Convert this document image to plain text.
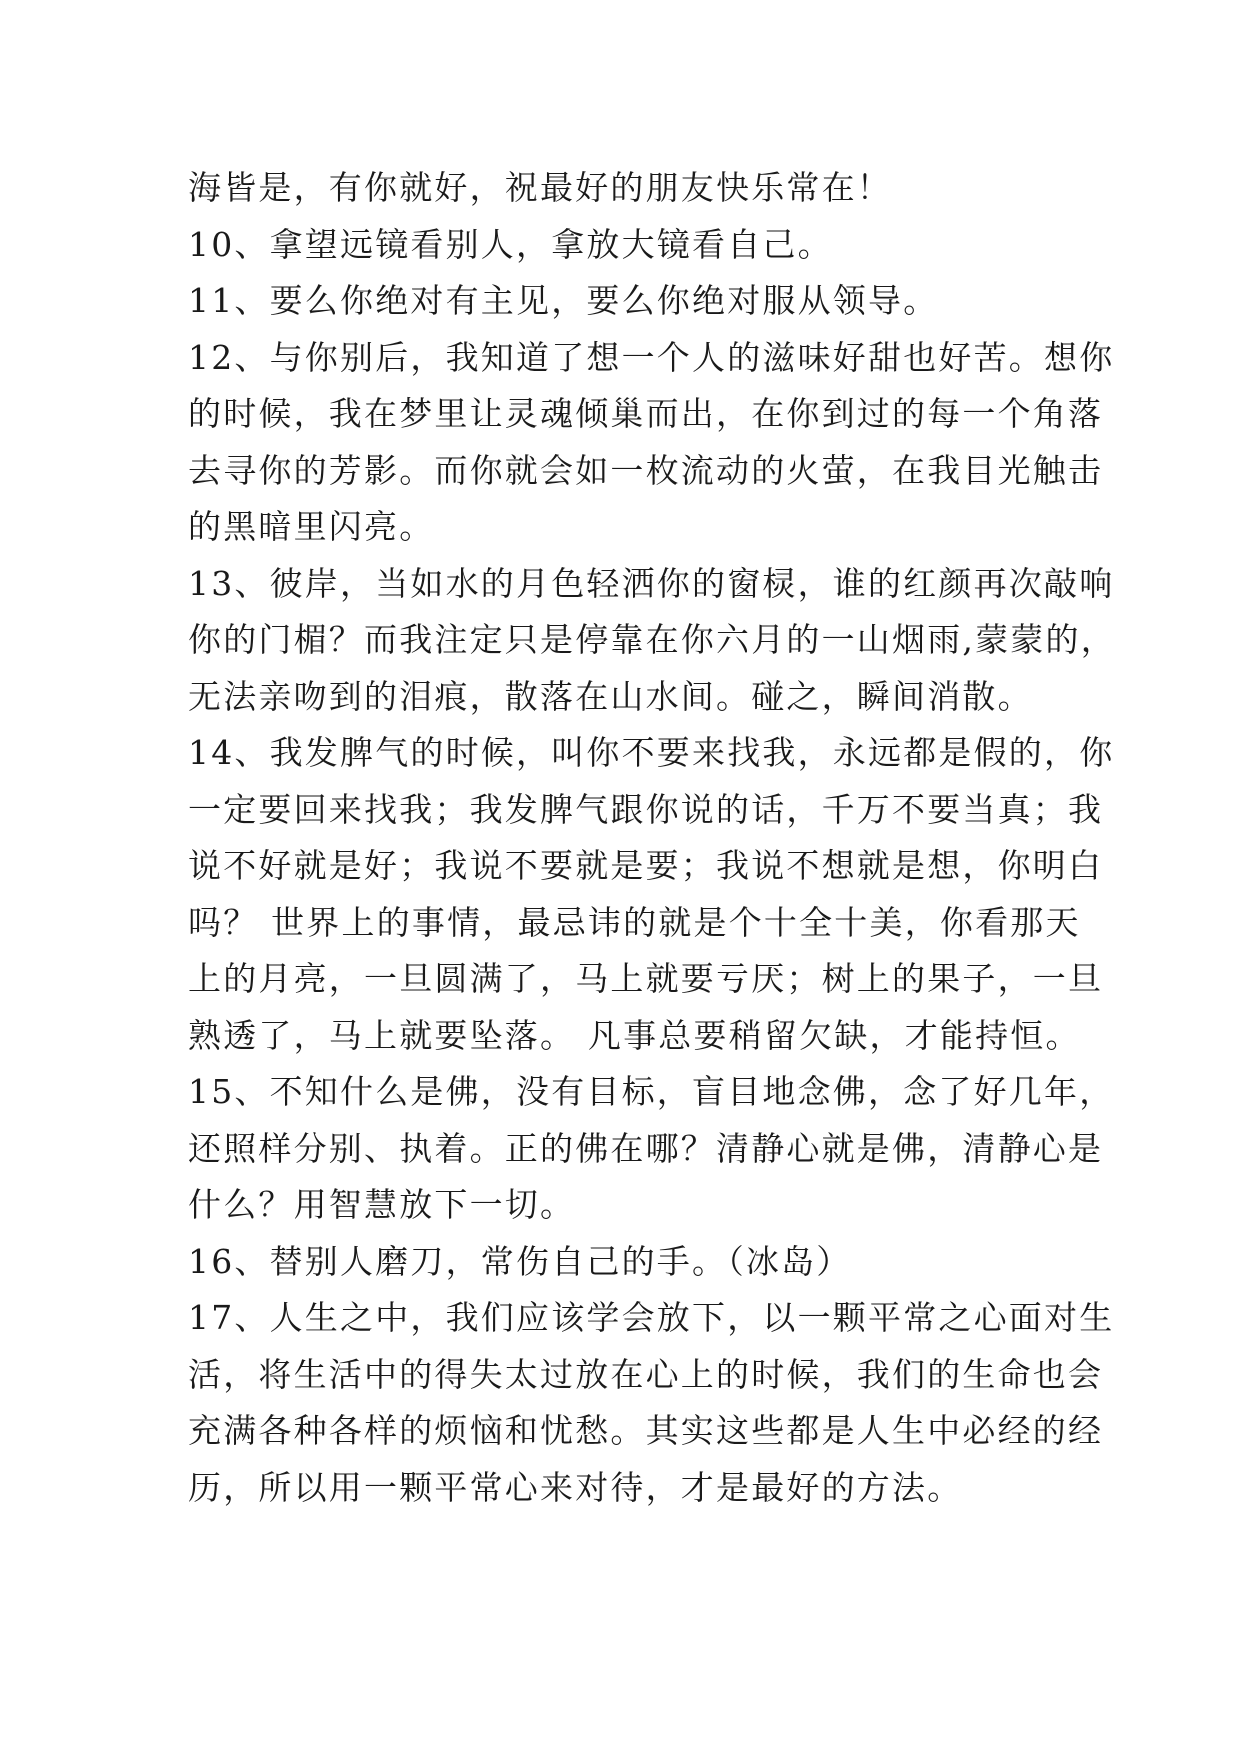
海皆是，有你就好，祝最好的朋友快乐常在！
10、拿望远镜看别人，拿放大镜看自己。
11、要么你绝对有主见，要么你绝对服从领导。
12、与你别后，我知道了想一个人的滋味好甜也好苦。想你
的时候，我在梦里让灵魂倾巢而出，在你到过的每一个角落
去寻你的芳影。而你就会如一枚流动的火萤，在我目光触击
的黑暗里闪亮。
13、彼岸，当如水的月色轻洒你的窗棂，谁的红颜再次敲响
你的门楣？而我注定只是停靠在你六月的一山烟雨,蒙蒙的，
无法亲吻到的泪痕，散落在山水间。碰之，瞬间消散。
14、我发脾气的时候，叫你不要来找我，永远都是假的，你
一定要回来找我；我发脾气跟你说的话，千万不要当真；我
说不好就是好；我说不要就是要；我说不想就是想，你明白
吗？ 世界上的事情，最忌讳的就是个十全十美，你看那天
上的月亮，一旦圆满了，马上就要亏厌；树上的果子，一旦
熟透了，马上就要坠落。 凡事总要稍留欠缺，才能持恒。
15、不知什么是佛，没有目标，盲目地念佛，念了好几年，
还照样分别、执着。正的佛在哪？清静心就是佛，清静心是
什么？用智慧放下一切。
16、替别人磨刀，常伤自己的手。（冰岛）
17、人生之中，我们应该学会放下，以一颗平常之心面对生
活，将生活中的得失太过放在心上的时候，我们的生命也会
充满各种各样的烦恼和忧愁。其实这些都是人生中必经的经
历，所以用一颗平常心来对待，才是最好的方法。
